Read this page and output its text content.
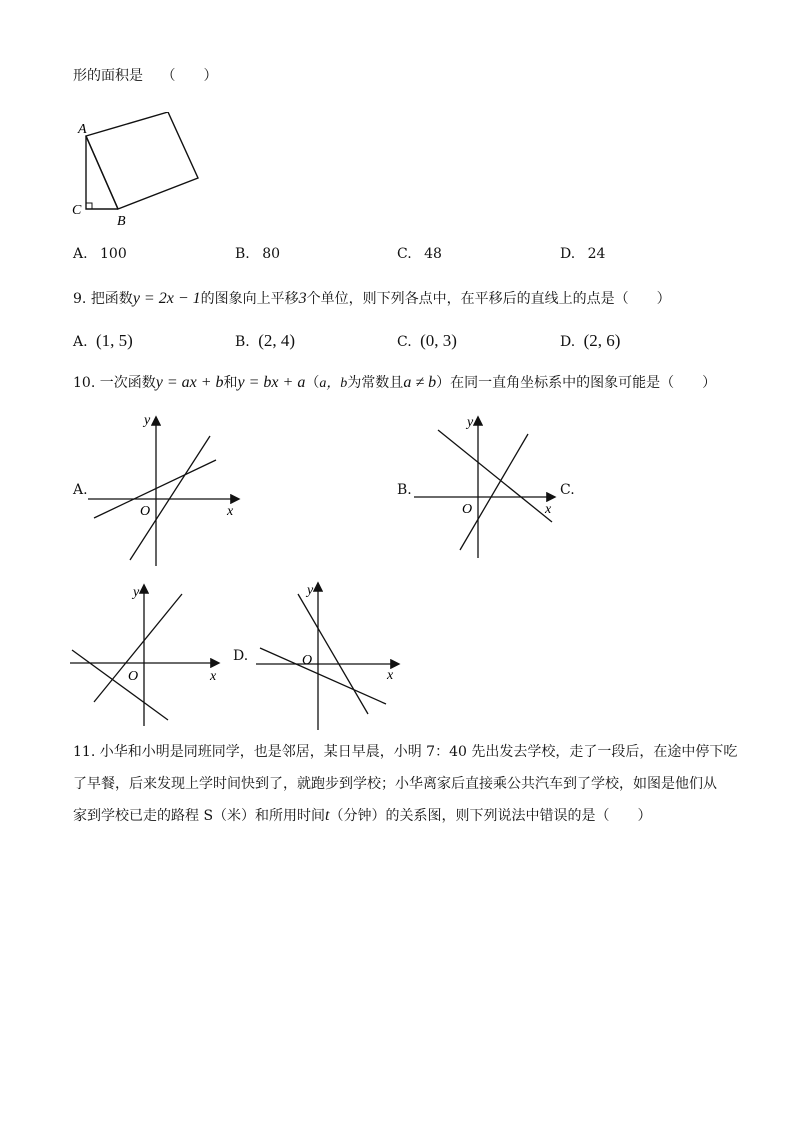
形的面积是 （　　）
A
C
B
A. 100	B. 80	C. 48	D. 24
9. 把函数y = 2x − 1的图象向上平移3个单位，则下列各点中，在平移后的直线上的点是（　　）
A. (1, 5)	B. (2, 4)	C. (0, 3)	D. (2, 6)
10. 一次函数y = ax + b和y = bx + a（a，b为常数且a ≠ b）在同一直角坐标系中的图象可能是（　　）
A.	B.	C.
D.
y
x
O
y
x
O
y
x
O
y
x
O
11. 小华和小明是同班同学，也是邻居，某日早晨，小明 7：40 先出发去学校，走了一段后，在途中停下吃
了早餐，后来发现上学时间快到了，就跑步到学校；小华离家后直接乘公共汽车到了学校，如图是他们从
家到学校已走的路程 S（米）和所用时间t（分钟）的关系图，则下列说法中错误的是（　　）
